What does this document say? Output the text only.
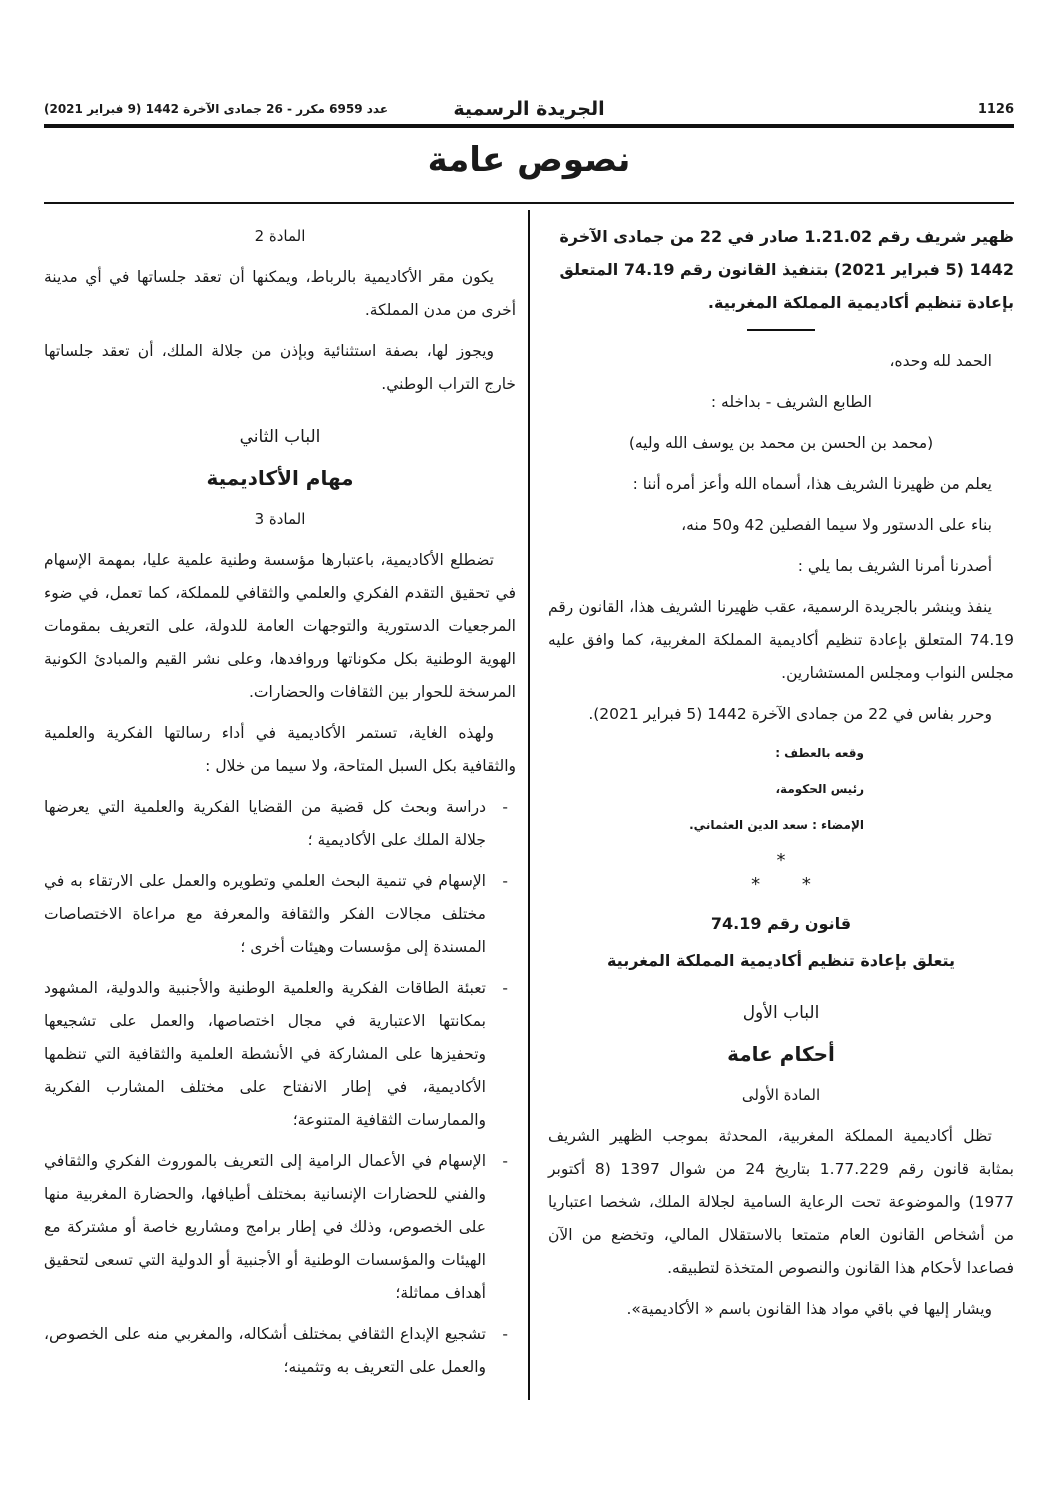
1126
الجريدة الرسمية
عدد 6959 مكرر - 26 جمادى الآخرة 1442 (9 فبراير 2021)
نصوص عامة

ظهير شريف رقم 1.21.02 صادر في 22 من جمادى الآخرة 1442 (5 فبراير 2021) بتنفيذ القانون رقم 74.19 المتعلق بإعادة تنظيم أكاديمية المملكة المغربية.

الحمد لله وحده،

الطابع الشريف - بداخله :

(محمد بن الحسن بن محمد بن يوسف الله وليه)

يعلم من ظهيرنا الشريف هذا، أسماه الله وأعز أمره أننا :

بناء على الدستور ولا سيما الفصلين 42 و50 منه،

أصدرنا أمرنا الشريف بما يلي :

ينفذ وينشر بالجريدة الرسمية، عقب ظهيرنا الشريف هذا، القانون رقم 74.19 المتعلق بإعادة تنظيم أكاديمية المملكة المغربية، كما وافق عليه مجلس النواب ومجلس المستشارين.

وحرر بفاس في 22 من جمادى الآخرة 1442 (5 فبراير 2021).

وقعه بالعطف :

رئيس الحكومة،

الإمضاء : سعد الدين العثماني.

*
* *

قانون رقم 74.19

يتعلق بإعادة تنظيم أكاديمية المملكة المغربية

الباب الأول

أحكام عامة

المادة الأولى

تظل أكاديمية المملكة المغربية، المحدثة بموجب الظهير الشريف بمثابة قانون رقم 1.77.229 بتاريخ 24 من شوال 1397 (8 أكتوبر 1977) والموضوعة تحت الرعاية السامية لجلالة الملك، شخصا اعتباريا من أشخاص القانون العام متمتعا بالاستقلال المالي، وتخضع من الآن فصاعدا لأحكام هذا القانون والنصوص المتخذة لتطبيقه.

ويشار إليها في باقي مواد هذا القانون باسم « الأكاديمية».

المادة 2

يكون مقر الأكاديمية بالرباط، ويمكنها أن تعقد جلساتها في أي مدينة أخرى من مدن المملكة.

ويجوز لها، بصفة استثنائية وبإذن من جلالة الملك، أن تعقد جلساتها خارج التراب الوطني.

الباب الثاني

مهام الأكاديمية

المادة 3

تضطلع الأكاديمية، باعتبارها مؤسسة وطنية علمية عليا، بمهمة الإسهام في تحقيق التقدم الفكري والعلمي والثقافي للمملكة، كما تعمل، في ضوء المرجعيات الدستورية والتوجهات العامة للدولة، على التعريف بمقومات الهوية الوطنية بكل مكوناتها وروافدها، وعلى نشر القيم والمبادئ الكونية المرسخة للحوار بين الثقافات والحضارات.

ولهذه الغاية، تستمر الأكاديمية في أداء رسالتها الفكرية والعلمية والثقافية بكل السبل المتاحة، ولا سيما من خلال :

-
دراسة وبحث كل قضية من القضايا الفكرية والعلمية التي يعرضها جلالة الملك على الأكاديمية ؛

-
الإسهام في تنمية البحث العلمي وتطويره والعمل على الارتقاء به في مختلف مجالات الفكر والثقافة والمعرفة مع مراعاة الاختصاصات المسندة إلى مؤسسات وهيئات أخرى ؛

-
تعبئة الطاقات الفكرية والعلمية الوطنية والأجنبية والدولية، المشهود بمكانتها الاعتبارية في مجال اختصاصها، والعمل على تشجيعها وتحفيزها على المشاركة في الأنشطة العلمية والثقافية التي تنظمها الأكاديمية، في إطار الانفتاح على مختلف المشارب الفكرية والممارسات الثقافية المتنوعة؛

-
الإسهام في الأعمال الرامية إلى التعريف بالموروث الفكري والثقافي والفني للحضارات الإنسانية بمختلف أطيافها، والحضارة المغربية منها على الخصوص، وذلك في إطار برامج ومشاريع خاصة أو مشتركة مع الهيئات والمؤسسات الوطنية أو الأجنبية أو الدولية التي تسعى لتحقيق أهداف مماثلة؛

-
تشجيع الإبداع الثقافي بمختلف أشكاله، والمغربي منه على الخصوص، والعمل على التعريف به وتثمينه؛
